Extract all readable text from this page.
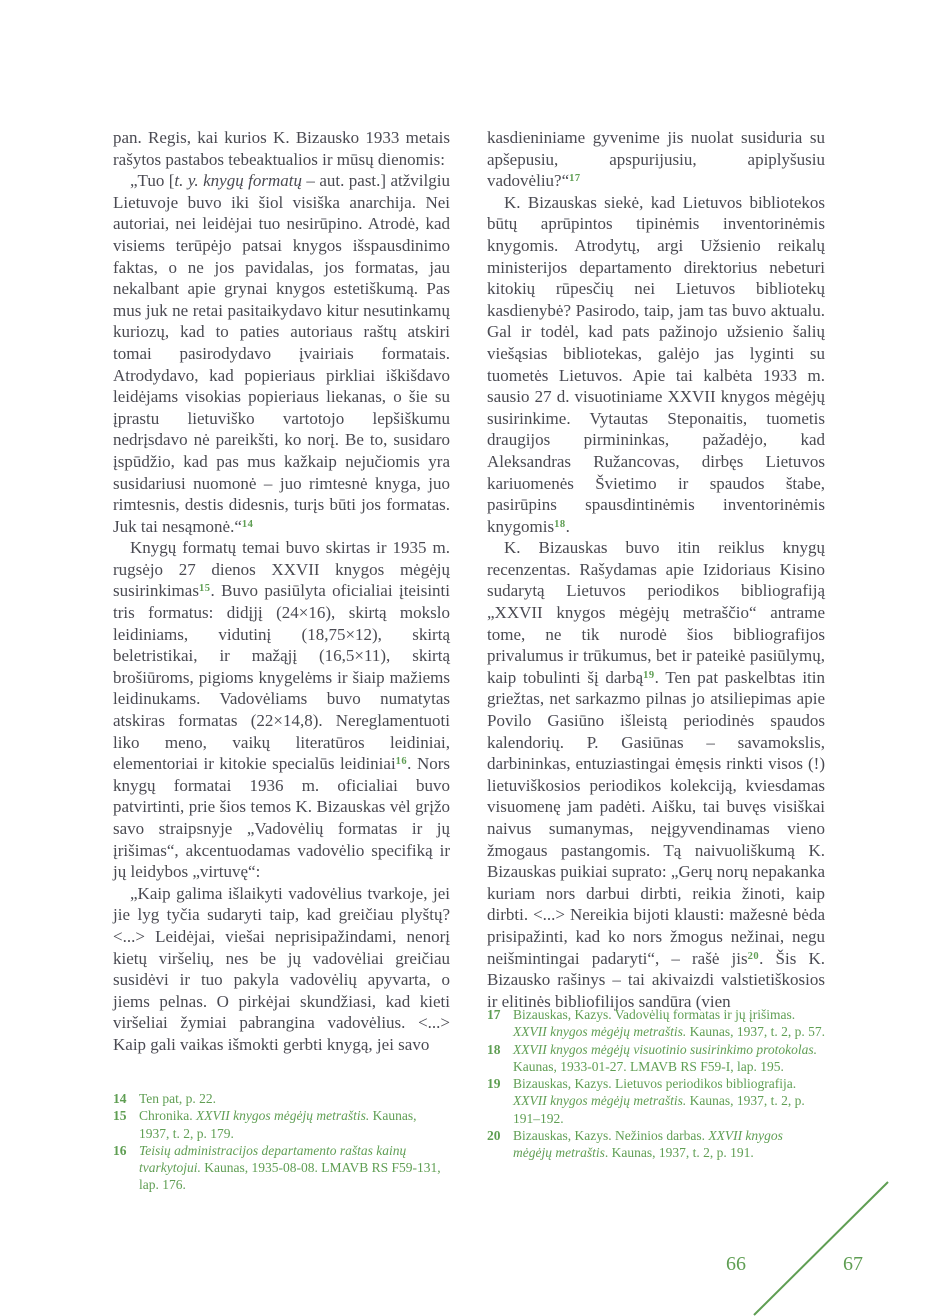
pan. Regis, kai kurios K. Bizausko 1933 metais rašytos pastabos tebeaktualios ir mūsų dienomis:

„Tuo [t. y. knygų formatų – aut. past.] atžvilgiu Lietuvoje buvo iki šiol visiška anarchija. Nei autoriai, nei leidėjai tuo nesirūpino. Atrodė, kad visiems terūpėjo patsai knygos išspausdinimo faktas, o ne jos pavidalas, jos formatas, jau nekalbant apie grynai knygos estetiškumą. Pas mus juk ne retai pasitaikydavo kitur nesutinkamų kuriozų, kad to paties autoriaus raštų atskiri tomai pasirodydavo įvairiais formatais. Atrodydavo, kad popieriaus pirkliai iškišdavo leidėjams visokias popieriaus liekanas, o šie su įprastu lietuviško vartotojo lepšiškumu nedrįsdavo nė pareikšti, ko norį. Be to, susidaro įspūdžio, kad pas mus kažkaip nejučiomis yra susidariusi nuomonė – juo rimtesnė knyga, juo rimtesnis, destis didesnis, turįs būti jos formatas. Juk tai nesąmonė.“$^{14}$

Knygų formatų temai buvo skirtas ir 1935 m. rugsėjo 27 dienos XXVII knygos mėgėjų susirinkimas$^{15}$. Buvo pasiūlyta oficialiai įteisinti tris formatus: didįjį (24×16), skirtą mokslo leidiniams, vidutinį (18,75×12), skirtą beletristikai, ir mažąjį (16,5×11), skirtą brošiūroms, pigioms knygelėms ir šiaip mažiems leidinukams. Vadovėliams buvo numatytas atskiras formatas (22×14,8). Nereglamentuoti liko meno, vaikų literatūros leidiniai, elementoriai ir kitokie specialūs leidiniai$^{16}$. Nors knygų formatai 1936 m. oficialiai buvo patvirtinti, prie šios temos K. Bizauskas vėl grįžo savo straipsnyje „Vadovėlių formatas ir jų įrišimas“, akcentuodamas vadovėlio specifiką ir jų leidybos „virtuvę“:

„Kaip galima išlaikyti vadovėlius tvarkoje, jei jie lyg tyčia sudaryti taip, kad greičiau plyštų? <...> Leidėjai, viešai neprisipažindami, nenorį kietų viršelių, nes be jų vadovėliai greičiau susidėvi ir tuo pakyla vadovėlių apyvarta, o jiems pelnas. O pirkėjai skundžiasi, kad kieti viršeliai žymiai pabrangina vadovėlius. <...> Kaip gali vaikas išmokti gerbti knygą, jei savo

kasdieniniame gyvenime jis nuolat susiduria su apšepusiu, apspurijusiu, apiplyšusiu vadovėliu?“$^{17}$

K. Bizauskas siekė, kad Lietuvos bibliotekos būtų aprūpintos tipinėmis inventorinėmis knygomis. Atrodytų, argi Užsienio reikalų ministerijos departamento direktorius nebeturi kitokių rūpesčių nei Lietuvos bibliotekų kasdienybė? Pasirodo, taip, jam tas buvo aktualu. Gal ir todėl, kad pats pažinojo užsienio šalių viešąsias bibliotekas, galėjo jas lyginti su tuometės Lietuvos. Apie tai kalbėta 1933 m. sausio 27 d. visuotiniame XXVII knygos mėgėjų susirinkime. Vytautas Steponaitis, tuometis draugijos pirmininkas, pažadėjo, kad Aleksandras Ružancovas, dirbęs Lietuvos kariuomenės Švietimo ir spaudos štabe, pasirūpins spausdintinėmis inventorinėmis knygomis$^{18}$.

K. Bizauskas buvo itin reiklus knygų recenzentas. Rašydamas apie Izidoriaus Kisino sudarytą Lietuvos periodikos bibliografiją „XXVII knygos mėgėjų metraščio“ antrame tome, ne tik nurodė šios bibliografijos privalumus ir trūkumus, bet ir pateikė pasiūlymų, kaip tobulinti šį darbą$^{19}$. Ten pat paskelbtas itin griežtas, net sarkazmo pilnas jo atsiliepimas apie Povilo Gasiūno išleistą periodinės spaudos kalendorių. P. Gasiūnas – savamokslis, darbininkas, entuziastingai ėmęsis rinkti visos (!) lietuviškosios periodikos kolekciją, kviesdamas visuomenę jam padėti. Aišku, tai buvęs visiškai naivus sumanymas, neįgyvendinamas vieno žmogaus pastangomis. Tą naivuoliškumą K. Bizauskas puikiai suprato: „Gerų norų nepakanka kuriam nors darbui dirbti, reikia žinoti, kaip dirbti. <...> Nereikia bijoti klausti: mažesnė bėda prisipažinti, kad ko nors žmogus nežinai, negu neišmintingai padaryti“, – rašė jis$^{20}$. Šis K. Bizausko rašinys – tai akivaizdi valstietiškosios ir elitinės bibliofilijos sandūra (vien

14 Ten pat, p. 22.
15 Chronika. XXVII knygos mėgėjų metraštis. Kaunas, 1937, t. 2, p. 179.
16 Teisių administracijos departamento raštas kainų tvarkytojui. Kaunas, 1935-08-08. LMAVB RS F59-131, lap. 176.
17 Bizauskas, Kazys. Vadovėlių formatas ir jų įrišimas. XXVII knygos mėgėjų metraštis. Kaunas, 1937, t. 2, p. 57.
18 XXVII knygos mėgėjų visuotinio susirinkimo protokolas. Kaunas, 1933-01-27. LMAVB RS F59-I, lap. 195.
19 Bizauskas, Kazys. Lietuvos periodikos bibliografija. XXVII knygos mėgėjų metraštis. Kaunas, 1937, t. 2, p. 191–192.
20 Bizauskas, Kazys. Nežinios darbas. XXVII knygos mėgėjų metraštis. Kaunas, 1937, t. 2, p. 191.
66	67
